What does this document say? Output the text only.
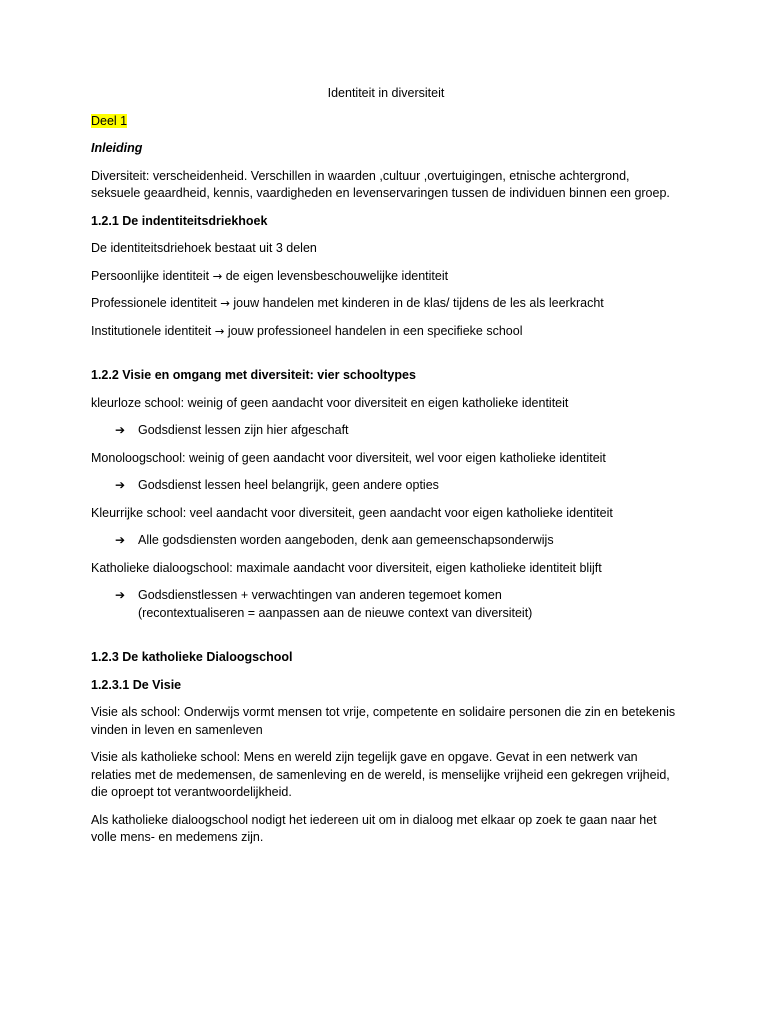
Identiteit in diversiteit
Deel 1
Inleiding
Diversiteit: verscheidenheid. Verschillen in waarden ,cultuur ,overtuigingen, etnische achtergrond, seksuele geaardheid, kennis, vaardigheden en levenservaringen tussen de individuen binnen een groep.
1.2.1 De indentiteitsdriekhoek
De identiteitsdriehoek bestaat uit 3 delen
Persoonlijke identiteit → de eigen levensbeschouwelijke identiteit
Professionele identiteit → jouw handelen met kinderen in de klas/ tijdens de les als leerkracht
Institutionele identiteit → jouw professioneel handelen in een specifieke school
1.2.2 Visie en omgang met diversiteit: vier schooltypes
kleurloze school: weinig of geen aandacht voor diversiteit en eigen katholieke identiteit
➔ Godsdienst lessen zijn hier afgeschaft
Monoloogschool: weinig of geen aandacht voor diversiteit, wel voor eigen katholieke identiteit
➔ Godsdienst lessen heel belangrijk, geen andere opties
Kleurrijke school: veel aandacht voor diversiteit, geen aandacht voor eigen katholieke identiteit
➔ Alle godsdiensten worden aangeboden, denk aan gemeenschapsonderwijs
Katholieke dialoogschool: maximale aandacht voor diversiteit, eigen katholieke identiteit blijft
➔ Godsdienstlessen + verwachtingen van anderen tegemoet komen
(recontextualiseren = aanpassen aan de nieuwe context van diversiteit)
1.2.3 De katholieke Dialoogschool
1.2.3.1 De Visie
Visie als school: Onderwijs vormt mensen tot vrije, competente en solidaire personen die zin en betekenis vinden in leven en samenleven
Visie als katholieke school: Mens en wereld zijn tegelijk gave en opgave. Gevat in een netwerk van relaties met de medemensen, de samenleving en de wereld, is menselijke vrijheid een gekregen vrijheid, die oproept tot verantwoordelijkheid.
Als katholieke dialoogschool nodigt het iedereen uit om in dialoog met elkaar op zoek te gaan naar het volle mens- en medemens zijn.
